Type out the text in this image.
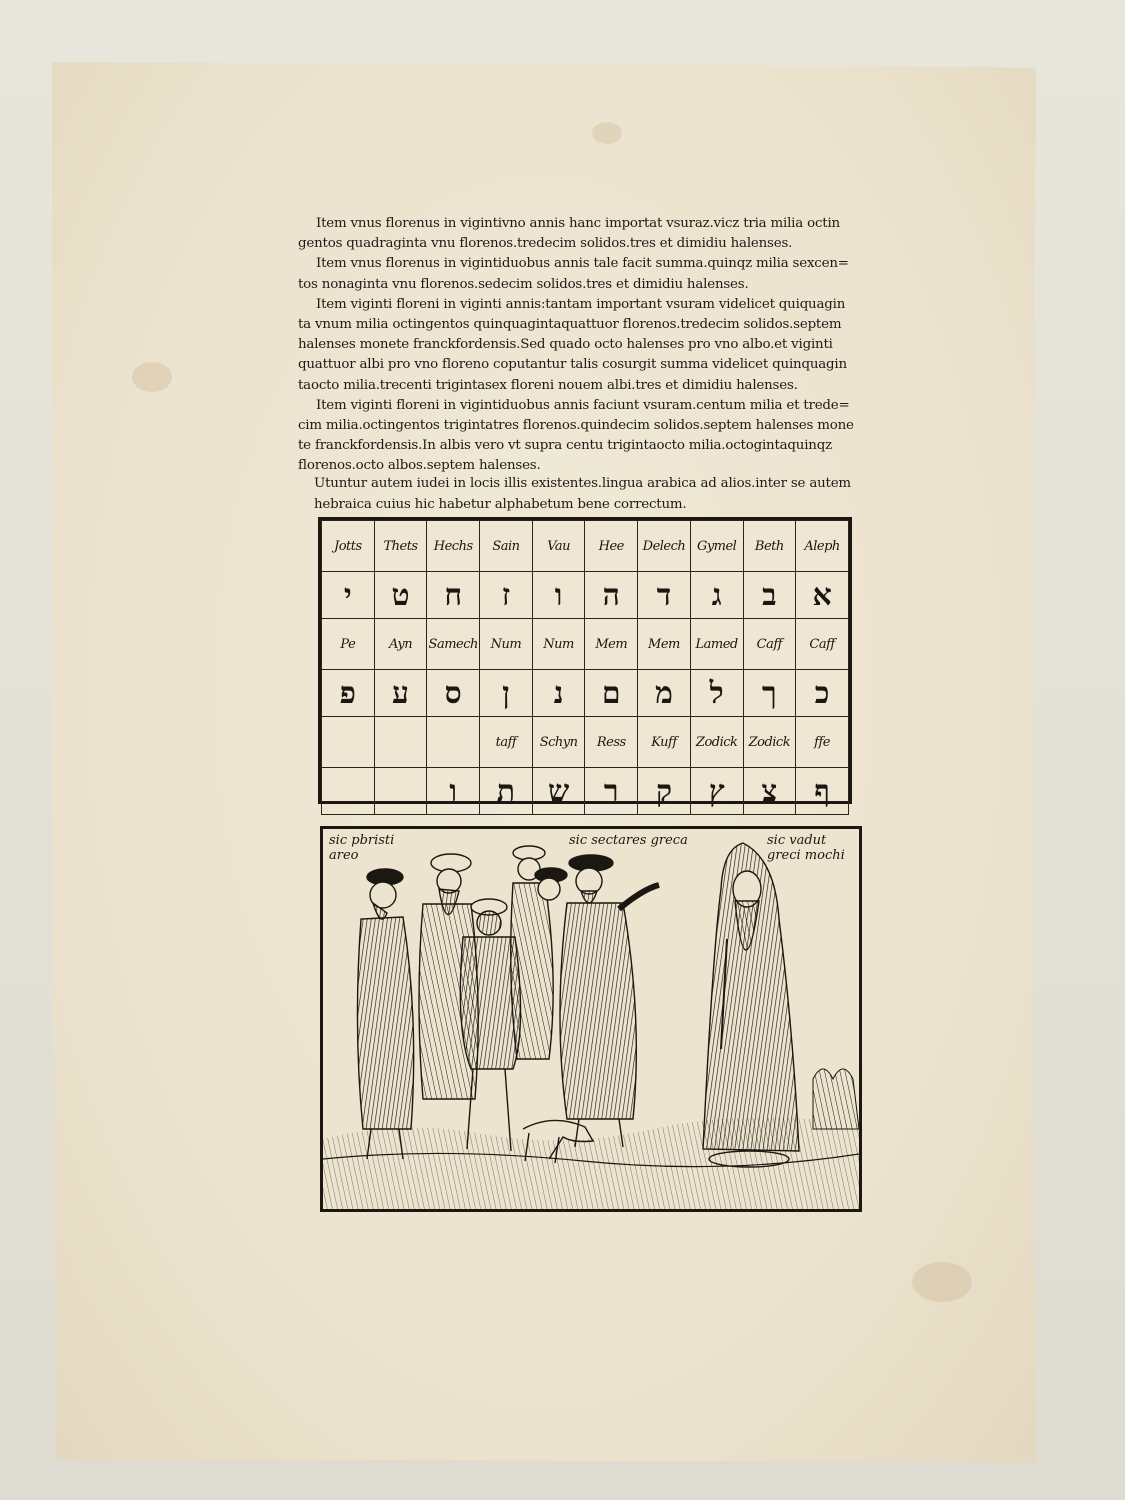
Item vnus florenus in vigintivno annis hanc importat vsuraz.vicz tria milia octin
gentos quadraginta vnu florenos.tredecim solidos.tres et dimidiu halenses.
Item vnus florenus in vigintiduobus annis tale facit summa.quinqz milia sexcen=
tos nonaginta vnu florenos.sedecim solidos.tres et dimidiu halenses.
Item viginti floreni in viginti annis:tantam important vsuram videlicet quiquagin
ta vnum milia octingentos quinquagintaquattuor florenos.tredecim solidos.septem
halenses monete franckfordensis.Sed quado octo halenses pro vno albo.et viginti
quattuor albi pro vno floreno coputantur talis cosurgit summa videlicet quinquagin
taocto milia.trecenti trigintasex floreni nouem albi.tres et dimidiu halenses.
Item viginti floreni in vigintiduobus annis faciunt vsuram.centum milia et trede=
cim milia.octingentos trigintatres florenos.quindecim solidos.septem halenses mone
te franckfordensis.In albis vero vt supra centu trigintaocto milia.octogintaquinqz
florenos.octo albos.septem halenses.
Utuntur autem iudei in locis illis existentes.lingua arabica ad alios.inter se autem
hebraica cuius hic habetur alphabetum bene correctum.
Jotts	Thets	Hechs	Sain	Vau	Hee	Delech	Gymel	Beth	Aleph
י	ט	ח	ז	ו	ה	ד	ג	ב	א
Pe	Ayn	Samech	Num	Num	Mem	Mem	Lamed	Caff	Caff
פ	ע	ס	ן	נ	ם	מ	ל	ך	כ
			taff	Schyn	Ress	Kuff	Zodick	Zodick	ffe
		ו	ת	ש	ר	ק	ץ	צ	ף
sic pbristi
areo
sic sectares greca	sic vadut
greci mochi
